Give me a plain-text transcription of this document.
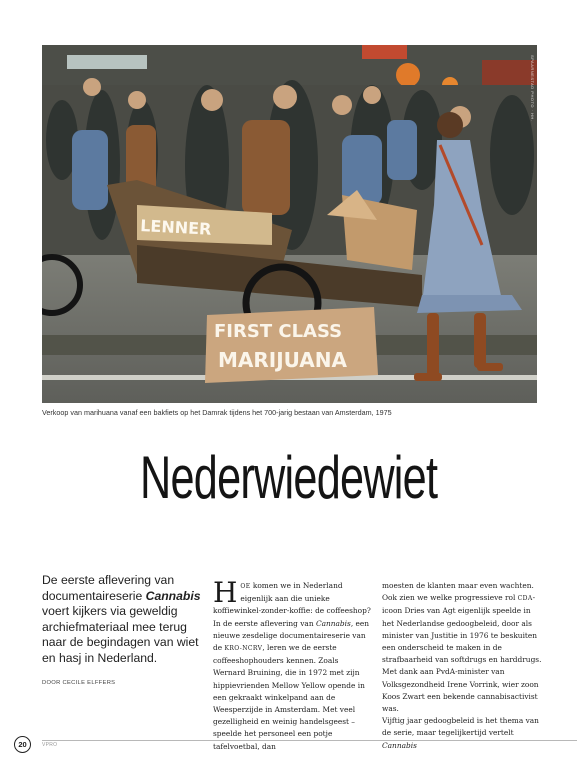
LENNER
FIRST CLASS
MARIJUANA
SPAARNESTAD PHOTO · HH.
Verkoop van marihuana vanaf een bakfiets op het Damrak tijdens het 700-jarig bestaan van Amsterdam, 1975
Nederwiedewiet
De eerste aflevering van documentaireserie Cannabis voert kijkers via geweldig archiefmateriaal mee terug naar de begindagen van wiet en hasj in Nederland.
DOOR CECILE ELFFERS
HOE komen we in Nederland eigenlijk aan die unieke koffiewinkel-zonder-koffie: de coffeeshop? In de eerste aflevering van Cannabis, een nieuwe zesdelige documentaireserie van de KRO-NCRV, leren we de eerste coffeeshophouders kennen. Zoals Wernard Bruining, die in 1972 met zijn hippievrienden Mellow Yellow opende in een gekraakt winkelpand aan de Weesperzijde in Amsterdam. Met veel gezelligheid en weinig handelsgeest – speelde het personeel een potje tafelvoetbal, dan
moesten de klanten maar even wachten. Ook zien we welke progressieve rol CDA-icoon Dries van Agt eigenlijk speelde in het Nederlandse gedoogbeleid, door als minister van Justitie in 1976 te beskuiten een onderscheid te maken in de strafbaarheid van softdrugs en harddrugs. Met dank aan PvdA-minister van Volksgezondheid Irene Vorrink, wier zoon Koos Zwart een bekende cannabisactivist was.
Vijftig jaar gedoogbeleid is het thema van de serie, maar tegelijkertijd vertelt Cannabis
20	VPRO
